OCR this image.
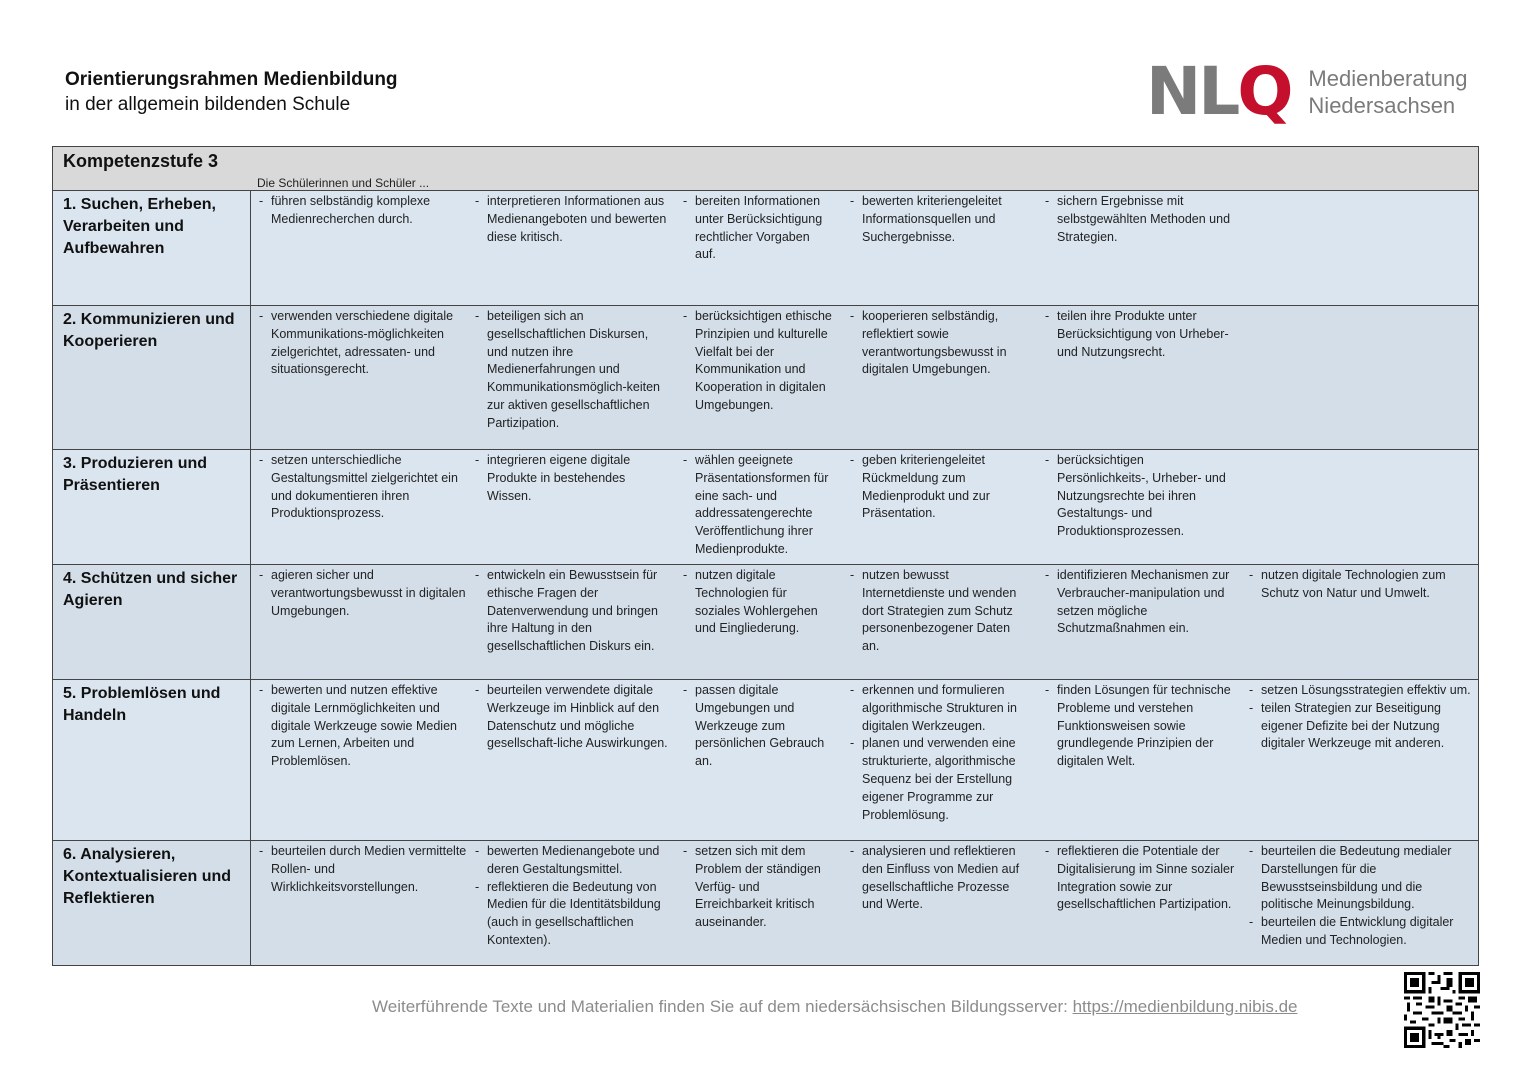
Orientierungsrahmen Medienbildung
in der allgemein bildenden Schule	N L Q Medienberatung
Niedersachsen
Kompetenzstufe 3
Die Schülerinnen und Schüler ...
1. Suchen, Erheben, Verarbeiten und Aufbewahren
- führen selbständig komplexe Medienrecherchen durch.
- interpretieren Informationen aus Medienangeboten und bewerten diese kritisch.
- bereiten Informationen unter Berücksichtigung rechtlicher Vorgaben auf.
- bewerten kriteriengeleitet Informationsquellen und Suchergebnisse.
- sichern Ergebnisse mit selbstgewählten Methoden und Strategien.
2. Kommunizieren und Kooperieren
- verwenden verschiedene digitale Kommunikations-möglichkeiten zielgerichtet, adressaten- und situationsgerecht.
- beteiligen sich an gesellschaftlichen Diskursen, und nutzen ihre Medienerfahrungen und Kommunikationsmöglich-keiten zur aktiven gesellschaftlichen Partizipation.
- berücksichtigen ethische Prinzipien und kulturelle Vielfalt bei der Kommunikation und Kooperation in digitalen Umgebungen.
- kooperieren selbständig, reflektiert sowie verantwortungsbewusst in digitalen Umgebungen.
- teilen ihre Produkte unter Berücksichtigung von Urheber- und Nutzungsrecht.
3. Produzieren und Präsentieren
- setzen unterschiedliche Gestaltungsmittel zielgerichtet ein und dokumentieren ihren Produktionsprozess.
- integrieren eigene digitale Produkte in bestehendes Wissen.
- wählen geeignete Präsentationsformen für eine sach- und addressatengerechte Veröffentlichung ihrer Medienprodukte.
- geben kriteriengeleitet Rückmeldung zum Medienprodukt und zur Präsentation.
- berücksichtigen Persönlichkeits-, Urheber- und Nutzungsrechte bei ihren Gestaltungs- und Produktionsprozessen.
4. Schützen und sicher Agieren
- agieren sicher und verantwortungsbewusst in digitalen Umgebungen.
- entwickeln ein Bewusstsein für ethische Fragen der Datenverwendung und bringen ihre Haltung in den gesellschaftlichen Diskurs ein.
- nutzen digitale Technologien für soziales Wohlergehen und Eingliederung.
- nutzen bewusst Internetdienste und wenden dort Strategien zum Schutz personenbezogener Daten an.
- identifizieren Mechanismen zur Verbraucher-manipulation und setzen mögliche Schutzmaßnahmen ein.
- nutzen digitale Technologien zum Schutz von Natur und Umwelt.
5. Problemlösen und Handeln
- bewerten und nutzen effektive digitale Lernmöglichkeiten und digitale Werkzeuge sowie Medien zum Lernen, Arbeiten und Problemlösen.
- beurteilen verwendete digitale Werkzeuge im Hinblick auf den Datenschutz und mögliche gesellschaft-liche Auswirkungen.
- passen digitale Umgebungen und Werkzeuge zum persönlichen Gebrauch an.
- erkennen und formulieren algorithmische Strukturen in digitalen Werkzeugen.
- planen und verwenden eine strukturierte, algorithmische Sequenz bei der Erstellung eigener Programme zur Problemlösung.
- finden Lösungen für technische Probleme und verstehen Funktionsweisen sowie grundlegende Prinzipien der digitalen Welt.
- setzen Lösungsstrategien effektiv um.
- teilen Strategien zur Beseitigung eigener Defizite bei der Nutzung digitaler Werkzeuge mit anderen.
6. Analysieren, Kontextualisieren und Reflektieren
- beurteilen durch Medien vermittelte Rollen- und Wirklichkeitsvorstellungen.
- bewerten Medienangebote und deren Gestaltungsmittel.
- reflektieren die Bedeutung von Medien für die Identitätsbildung (auch in gesellschaftlichen Kontexten).
- setzen sich mit dem Problem der ständigen Verfüg- und Erreichbarkeit kritisch auseinander.
- analysieren und reflektieren den Einfluss von Medien auf gesellschaftliche Prozesse und Werte.
- reflektieren die Potentiale der Digitalisierung im Sinne sozialer Integration sowie zur gesellschaftlichen Partizipation.
- beurteilen die Bedeutung medialer Darstellungen für die Bewusstseinsbildung und die politische Meinungsbildung.
- beurteilen die Entwicklung digitaler Medien und Technologien.
Weiterführende Texte und Materialien finden Sie auf dem niedersächsischen Bildungsserver: https://medienbildung.nibis.de
